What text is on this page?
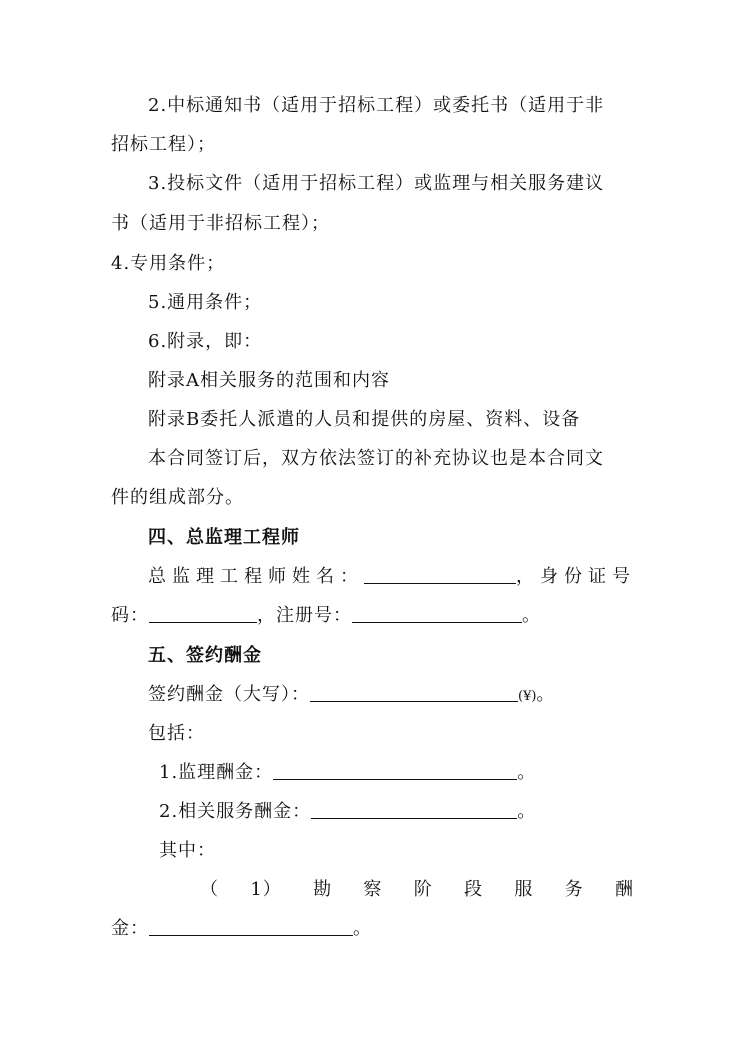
2.中标通知书（适用于招标工程）或委托书（适用于非
招标工程）；
3.投标文件（适用于招标工程）或监理与相关服务建议
书（适用于非招标工程）；
4.专用条件；
5.通用条件；
6.附录，即：
附录A相关服务的范围和内容
附录B委托人派遣的人员和提供的房屋、资料、设备
本合同签订后，双方依法签订的补充协议也是本合同文
件的组成部分。
四、总监理工程师
总监理工程师姓名：	，身份证号
码：	，注册号：	。
五、签约酬金
签约酬金（大写）：	(¥)。
包括：
1.监理酬金：	。
2.相关服务酬金：	。
其中：
（ 1） 勘 察 阶 段 服 务 酬
金：	。
